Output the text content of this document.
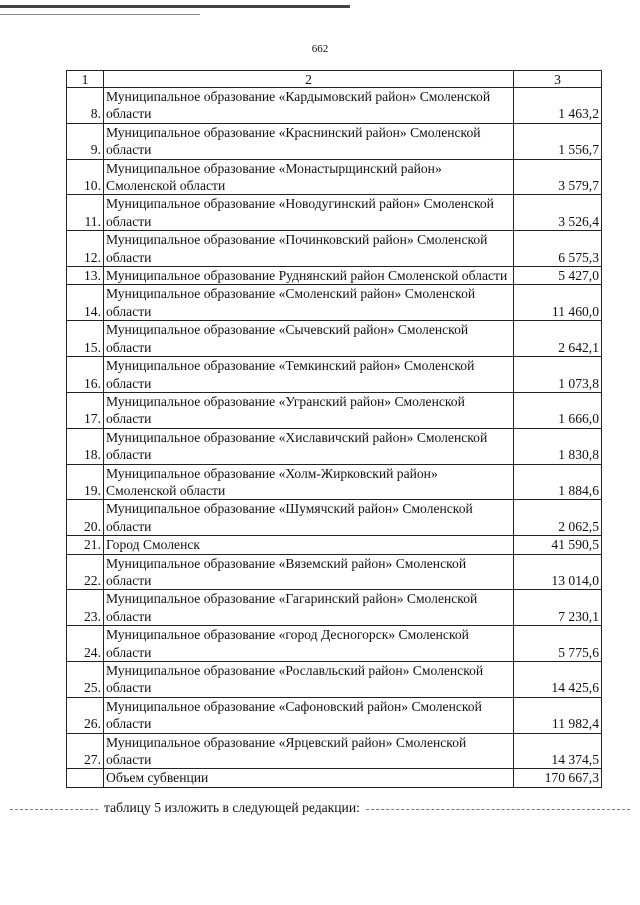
662
1	2	3
8.	Муниципальное образование «Кардымовский район» Смоленской области	1 463,2
9.	Муниципальное образование «Краснинский район» Смоленской области	1 556,7
10.	Муниципальное образование «Монастырщинский район» Смоленской области	3 579,7
11.	Муниципальное образование «Новодугинский район» Смоленской области	3 526,4
12.	Муниципальное образование «Починковский район» Смоленской области	6 575,3
13.	Муниципальное образование Руднянский район Смоленской области	5 427,0
14.	Муниципальное образование «Смоленский район» Смоленской области	11 460,0
15.	Муниципальное образование «Сычевский район» Смоленской области	2 642,1
16.	Муниципальное образование «Темкинский район» Смоленской области	1 073,8
17.	Муниципальное образование «Угранский район» Смоленской области	1 666,0
18.	Муниципальное образование «Хиславичский район» Смоленской области	1 830,8
19.	Муниципальное образование «Холм-Жирковский район» Смоленской области	1 884,6
20.	Муниципальное образование «Шумячский район» Смоленской области	2 062,5
21.	Город Смоленск	41 590,5
22.	Муниципальное образование «Вяземский район» Смоленской области	13 014,0
23.	Муниципальное образование «Гагаринский район» Смоленской области	7 230,1
24.	Муниципальное образование «город Десногорск» Смоленской области	5 775,6
25.	Муниципальное образование «Рославльский район» Смоленской области	14 425,6
26.	Муниципальное образование «Сафоновский район» Смоленской области	11 982,4
27.	Муниципальное образование «Ярцевский район» Смоленской области	14 374,5
	Объем субвенции	170 667,3
таблицу 5 изложить в следующей редакции:
